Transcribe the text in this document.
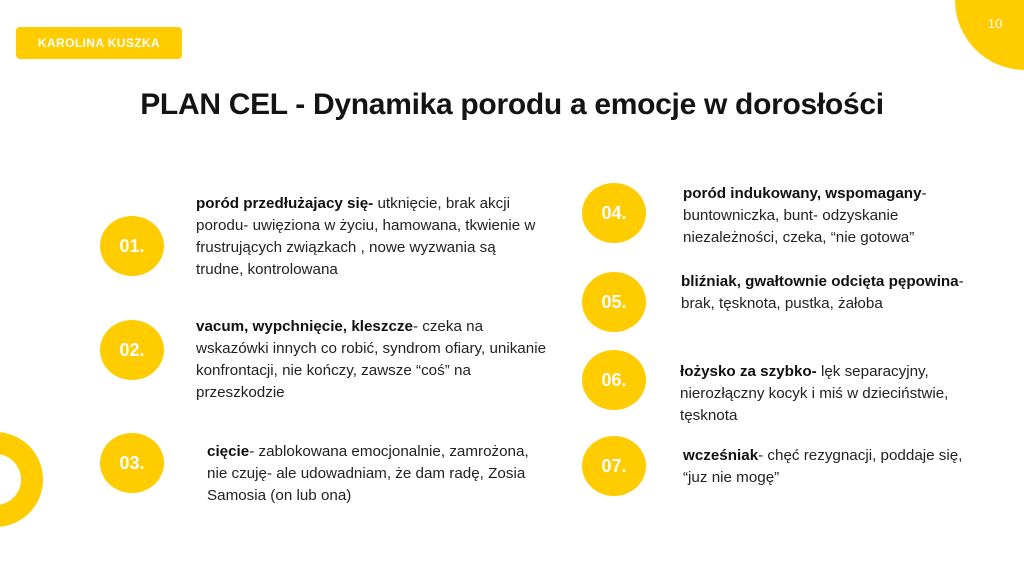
10
KAROLINA KUSZKA
PLAN CEL - Dynamika porodu a emocje w dorosłości
01.
poród przedłużajacy się- utknięcie, brak akcji porodu- uwięziona w życiu, hamowana, tkwienie w frustrujących związkach , nowe wyzwania są trudne, kontrolowana
02.
vacum, wypchnięcie, kleszcze- czeka na wskazówki innych co robić, syndrom ofiary, unikanie konfrontacji, nie kończy, zawsze “coś” na przeszkodzie
03.
cięcie- zablokowana emocjonalnie, zamrożona, nie czuję- ale udowadniam, że dam radę, Zosia Samosia (on lub ona)
04.
poród indukowany, wspomagany- buntowniczka, bunt- odzyskanie niezależności, czeka, “nie gotowa”
05.
bliźniak, gwałtownie odcięta pępowina- brak, tęsknota, pustka, żałoba
06.	łożysko za szybko- lęk separacyjny, nierozłączny kocyk i miś w dzieciństwie, tęsknota
07.	wcześniak- chęć rezygnacji, poddaje się, “juz nie mogę”
